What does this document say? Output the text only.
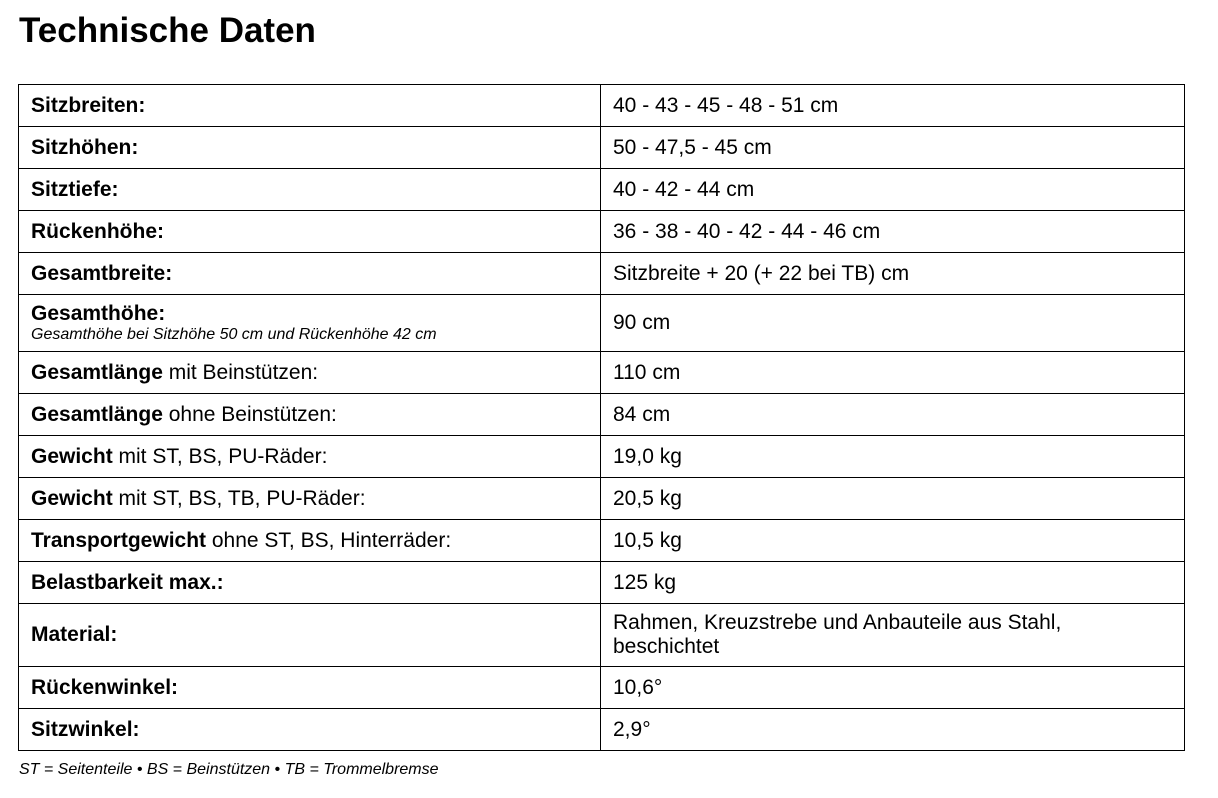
Technische Daten
Sitzbreiten:	40 - 43 - 45 - 48 - 51 cm
Sitzhöhen:	50 - 47,5 - 45 cm
Sitztiefe:	40 - 42 - 44 cm
Rückenhöhe:	36 - 38 - 40 - 42 - 44 - 46 cm
Gesamtbreite:	Sitzbreite + 20 (+ 22 bei TB) cm
Gesamthöhe:
Gesamthöhe bei Sitzhöhe 50 cm und Rückenhöhe 42 cm	90 cm
Gesamtlänge mit Beinstützen:	110 cm
Gesamtlänge ohne Beinstützen:	84 cm
Gewicht mit ST, BS, PU-Räder:	19,0 kg
Gewicht mit ST, BS, TB, PU-Räder:	20,5 kg
Transportgewicht ohne ST, BS, Hinterräder:	10,5 kg
Belastbarkeit max.:	125 kg
Material:	Rahmen, Kreuzstrebe und Anbauteile aus Stahl, beschichtet

Rückenwinkel:	10,6°
Sitzwinkel:	2,9°
ST = Seitenteile • BS = Beinstützen • TB = Trommelbremse
